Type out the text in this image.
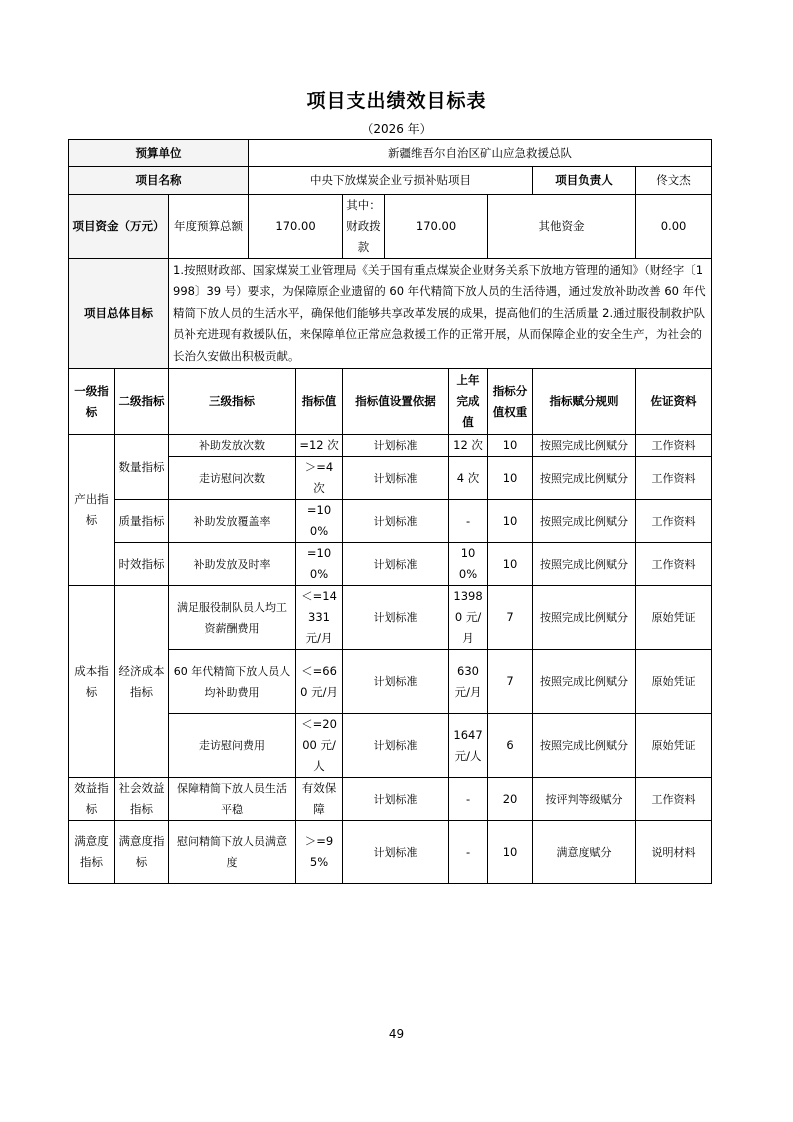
项目支出绩效目标表
（2026 年）
预算单位			新疆维吾尔自治区矿山应急救援总队							
项目名称			中央下放煤炭企业亏损补贴项目						项目负责人	佟文杰
项目资金（万元）		年度预算总额	170.00		其中：财政拨款	170.00		其他资金		0.00
项目总体目标		1.按照财政部、国家煤炭工业管理局《关于国有重点煤炭企业财务关系下放地方管理的通知》（财经字〔1998〕39 号）要求，为保障原企业遗留的 60 年代精简下放人员的生活待遇，通过发放补助改善 60 年代精简下放人员的生活水平，确保他们能够共享改革发展的成果，提高他们的生活质量 2.通过服役制救护队员补充进现有救援队伍，来保障单位正常应急救援工作的正常开展，从而保障企业的安全生产，为社会的长治久安做出积极贡献。								
一级指标	二级指标	三级指标		指标值	指标值设置依据		上年完成值	指标分值权重	指标赋分规则	佐证资料
产出指标	数量指标	补助发放次数		=12 次	计划标准		12 次	10	按照完成比例赋分	工作资料
		走访慰问次数		＞=4 次	计划标准		4 次	10	按照完成比例赋分	工作资料
	质量指标	补助发放覆盖率		=100%	计划标准		-	10	按照完成比例赋分	工作资料
	时效指标	补助发放及时率		=100%	计划标准		100%	10	按照完成比例赋分	工作资料
成本指标	经济成本指标	满足服役制队员人均工资薪酬费用		＜=14331 元/月	计划标准		13980 元/月	7	按照完成比例赋分	原始凭证
		60 年代精简下放人员人均补助费用		＜=660 元/月	计划标准		630 元/月	7	按照完成比例赋分	原始凭证
		走访慰问费用		＜=2000 元/人	计划标准		1647 元/人	6	按照完成比例赋分	原始凭证
效益指标	社会效益指标	保障精简下放人员生活平稳		有效保障	计划标准		-	20	按评判等级赋分	工作资料
满意度指标	满意度指标	慰问精简下放人员满意度		＞=95%	计划标准		-	10	满意度赋分	说明材料
49
